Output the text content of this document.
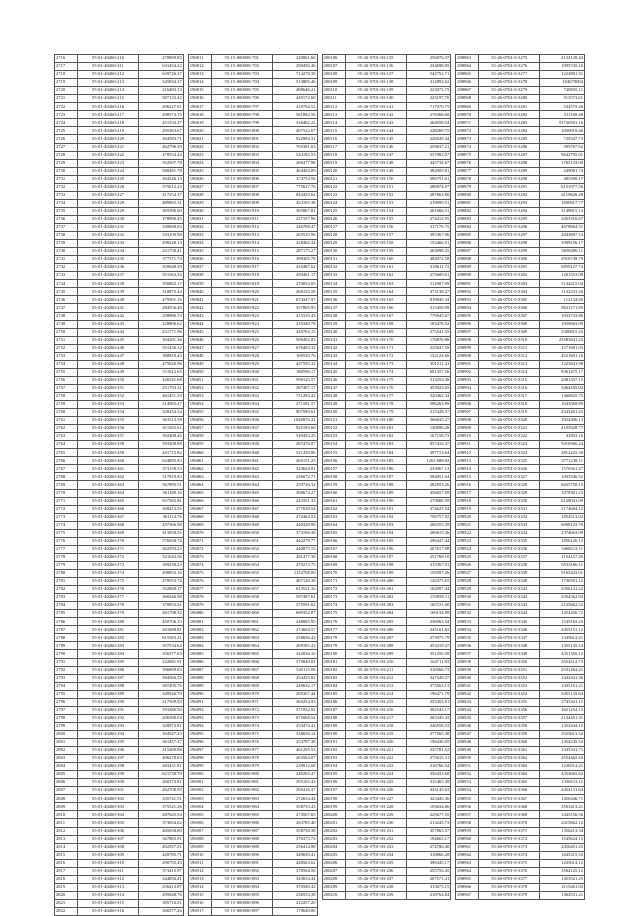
2716	55-01-40260-216	270809.85
2717	55-01-40260-211	631454.22
2718	55-01-40260-212	639726.27
2719	55-01-40260-213	345834.27
2720	55-01-40260-214	216483.13
2721	55-01-40260-215	507133.42
2722	55-01-40260-216	206227.61
2723	55-01-40260-217	298574.15
2724	55-01-40260-218	451533.27
2725	55-01-40260-219	295363.67
2726	55-01-40260-220	304583.71
2727	55-01-40260-221	462796.39
2728	55-01-40260-222	478554.44
2729	55-01-40260-223	352507.78
2730	55-01-40260-224	580481.78
2731	55-01-40260-225	304546.13
2732	55-01-40260-226	375612.23
2733	55-01-40260-227	417254.37
2734	55-01-40260-228	489865.31
2735	55-01-40260-229	365396.60
2736	55-01-40260-230	278896.45
2737	55-01-40260-231	349668.83
2738	55-01-40260-232	333109.98
2739	55-01-40260-233	298228.13
2740	55-01-40260-234	221758.41
2741	55-01-40260-235	377571.74
2742	55-01-40260-236	350648.39
2743	55-01-40260-237	351563.34
2744	55-01-40260-238	356802.17
2745	55-01-40260-239	318875.44
2746	55-01-40260-240	479501.16
2747	55-01-40260-241	284556.49
2748	55-01-40260-242	259886.53
2749	55-01-40260-243	228806.62
2750	55-01-40260-244	231771.96
2751	55-01-40260-245	304281.36
2752	55-01-40260-246	551436.32
2753	55-01-40260-247	380810.43
2754	55-01-40260-248	475626.96
2755	55-01-40260-249	511612.65
2756	55-01-40260-250	426541.68
2757	55-01-40260-251	251793.31
2758	55-01-40260-252	461451.33
2759	55-01-40260-253	314965.47
2760	55-01-40260-254	328454.54
2761	55-01-40260-255	363513.58
2762	55-01-40260-256	411565.61
2763	55-01-40260-257	392408.45
2764	55-01-40260-258	393308.88
2765	55-01-40260-259	441715.82
2766	55-01-40260-260	624895.83
2767	55-01-40260-261	373158.53
2768	55-01-40260-262	317819.83
2769	55-01-40260-263	367895.51
2770	55-01-40260-264	361180.16
2771	55-01-40260-265	657565.81
2772	55-01-40260-266	308413.55
2773	55-01-40260-267	361114.76
2774	55-01-40260-268	457566.98
2775	55-01-40260-269	413958.55
2776	55-01-40260-270	576658.72
2777	55-01-40260-271	302593.25
2778	55-01-40260-272	521643.56
2779	55-01-40260-273	389238.23
2780	55-01-40260-274	298852.16
2781	55-01-40260-275	478553.72
2782	55-01-40260-276	352868.17
2783	55-01-40260-277	360246.98
2784	55-01-40260-278	370853.21
2785	55-01-40260-279	261798.32
2786	55-01-40260-280	450706.33
2787	55-01-40260-281	261688.81
2788	55-01-40260-282	615583.21
2789	55-01-40260-283	357534.64
2790	55-01-40260-284	356377.63
2791	55-01-40260-285	222081.91
2792	55-01-40260-286	396809.83
2793	55-01-40260-287	584566.55
2794	55-01-40260-288	587495.76
2795	55-01-40260-289	349926.79
2796	55-01-40260-290	217509.93
2797	55-01-40260-291	393286.50
2798	55-01-40260-292	206588.04
2799	55-01-40260-293	328973.81
2800	55-01-40260-294	304547.23
2801	55-01-40260-295	361457.47
2802	55-01-40260-296	315269.96
2803	55-01-40260-297	406278.63
2804	55-01-40260-298	283431.81
2805	55-01-40260-299	621738.78
2806	55-01-40260-300	260373.81
2807	55-01-40260-301	262708.95
2808	55-01-40260-302	335741.51
2809	55-01-40260-303	375521.26
2810	55-01-40260-304	287645.94
2811	55-01-40260-305	373654.62
2812	55-01-40260-306	465658.80
2813	55-01-40260-307	367865.91
2814	55-01-40260-308	402357.21
2815	55-01-40260-309	420785.71
2816	55-01-40260-310	290755.43
2817	55-01-40260-311	373415.97
2818	55-01-40260-312	344856.41
2819	55-01-40260-313	256413.87
2820	55-01-40260-314	295848.76
2821	55-01-40260-315	385716.21
2822	55-01-40260-316	366577.26
196811	55-15-000000-791	220861.66
196812	55-15-000000-792	290456.46
196813	55-15-000000-793	714278.39
196814	55-15-000000-794	513805.46
196815	55-15-000000-795	488646.21
196816	55-15-000000-796	449172.60
196817	55-15-000000-797	418704.52
196818	55-15-000000-798	561882.56
196819	55-15-000000-799	336462.22
196820	55-15-000000-800	497522.67
196821	55-15-000000-801	922984.31
196822	55-15-000000-802	765381.63
196823	55-15-000000-803	544182.53
196824	55-15-000000-804	266377.98
196825	55-15-000000-805	464404.09
196826	55-15-000000-806	374753.56
196827	55-15-000000-807	775637.76
196828	55-15-000000-808	843455.64
196829	55-15-000000-809	453105.38
196830	55-15-000000-810	365867.81
196831	55-15-000000-811	237157.96
196832	55-15-000000-812	246708.47
196833	55-15-000000-813	265525.96
196834	55-15-000000-814	228362.34
196835	55-15-000000-815	287175.27
196836	55-15-000000-816	399305.78
196837	55-15-000000-817	416487.62
196838	55-15-000000-818	459461.17
196839	55-15-000000-819	270054.05
196840	55-15-000000-820	266155.58
196841	55-15-000000-821	674347.97
196842	55-15-000000-822	357805.95
196843	55-15-000000-823	415310.43
196844	55-15-000000-824	235340.79
196845	55-15-000000-825	426704.15
196846	55-15-000000-826	506402.83
196847	55-15-000000-827	676403.32
196848	55-15-000000-828	169530.76
196849	55-15-000000-829	437595.32
196850	55-15-000000-830	180596.17
196851	55-15-000000-831	590125.57
196852	55-15-000000-832	387407.17
196853	55-15-000000-833	751283.42
196854	55-15-000000-834	271581.57
196855	55-15-000000-835	907580.61
196856	55-15-000000-836	1040876.31
196857	55-15-000000-837	925193.60
196858	55-15-000000-838	549453.25
196859	55-15-000000-839	287476.07
196860	55-15-000000-840	521450.86
196861	55-15-000000-841	465151.25
196862	55-15-000000-842	324624.81
196863	55-15-000000-843	236672.71
196864	55-15-000000-844	259726.32
196865	55-15-000000-845	368674.27
196866	55-15-000000-846	243351.33
196867	55-15-000000-847	277638.54
196868	55-15-000000-848	272464.53
196869	55-15-000000-849	440328.98
196870	55-15-000000-850	374196.38
196871	55-15-000000-851	442278.77
196872	55-15-000000-852	440875.15
196873	55-15-000000-853	281477.38
196874	55-15-000000-854	470213.75
196875	55-15-000000-855	1152708.00
196876	55-15-000000-856	467126.38
196877	55-15-000000-857	613521.16
196878	55-15-000000-858	597487.61
196879	55-15-000000-859	275591.62
196880	55-15-000000-860	689352.87
196881	55-15-000000-861	248085.95
196882	55-15-000000-862	274604.57
196883	55-15-000000-863	258656.43
196884	55-15-000000-864	269185.23
196885	55-15-000000-865	342036.16
196886	55-15-000000-866	379840.81
196887	55-15-000000-867	545115.06
196888	55-15-000000-868	254455.82
196889	55-15-000000-869	249632.17
196890	55-15-000000-870	285367.44
196891	55-15-000000-871	360254.93
196892	55-15-000000-872	371852.92
196893	55-15-000000-873	675068.52
196894	55-15-000000-874	253474.41
196895	55-15-000000-875	338656.14
196896	55-15-000000-876	253787.38
196897	55-15-000000-877	461295.53
196898	55-15-000000-878	263564.07
196899	55-15-000000-879	239812.68
196900	55-15-000000-880	249265.47
196901	55-15-000000-881	395165.43
196902	55-15-000000-882	395416.37
196903	55-15-000000-883	272654.44
196904	55-15-000000-884	358753.43
196905	55-15-000000-885	273567.65
196906	55-15-000000-886	263785.40
196907	55-15-000000-887	358758.38
196908	55-15-000000-888	376375.73
196909	55-15-000000-889	256414.98
196910	55-15-000000-890	349650.41
196911	55-15-000000-891	448563.62
196912	55-15-000000-892	378564.56
196913	55-15-000000-893	343654.44
196914	55-15-000000-894	370580.42
196915	55-15-000000-895	236553.38
196916	55-15-000000-896	212257.20
196917	55-15-000000-897	178640.86
200106	55-26-5701-03-135	256976.37
200107	55-26-5701-03-136	234698.85
200108	55-26-5701-03-137	542752.71
200109	55-26-5701-03-138	312892.62
200110	55-26-5701-03-139	223075.75
200111	55-26-5701-03-140	223197.76
200112	55-26-5701-03-141	717070.75
200113	55-26-5701-03-142	276368.68
200114	55-26-5701-03-143	264058.54
200115	55-26-5701-03-144	228269.75
200116	55-26-5701-03-145	228549.44
200117	55-26-5701-03-146	259637.21
200118	55-26-5701-03-147	557082.07
200119	55-26-5701-03-148	445734.67
200120	55-26-5701-03-149	382905.81
200121	55-26-5701-03-150	586751.01
200122	55-26-5701-03-151	286974.07
200123	55-26-5701-03-152	287663.80
200124	55-26-5701-03-153	219099.51
200125	55-26-5701-03-154	261666.31
200126	55-26-5701-03-155	274412.95
200127	55-26-5701-03-156	317176.75
200128	55-26-5701-03-157	395367.96
200129	55-26-5701-03-158	153466.51
200130	55-26-5701-03-159	263098.25
200131	55-26-5701-03-160	484072.58
200132	55-26-5701-03-161	318611.72
200133	55-26-5701-03-162	275600.61
200134	55-26-5701-03-163	112907.09
200135	55-26-5701-03-164	475138.27
200136	55-26-5701-03-165	818840.34
200137	55-26-5701-03-166	313450.99
200138	55-26-5701-03-167	779945.67
200139	55-26-5701-03-168	105478.52
200140	55-26-5701-03-169	275541.55
200141	55-26-5701-03-170	176876.88
200142	55-26-5701-03-171	225647.59
200143	55-26-5701-03-172	132124.66
200144	55-26-5701-03-173	301211.41
200145	55-26-5701-03-174	681357.56
200146	55-26-5701-03-175	313253.38
200147	55-26-5701-03-176	455925.65
200148	55-26-5701-03-177	320462.34
200149	55-26-5701-03-178	596263.89
200150	55-26-5701-03-179	215328.57
200151	55-26-5701-03-180	366635.27
200152	55-26-5701-03-181	130096.28
200153	55-26-5701-03-182	167158.73
200154	55-26-5701-03-183	857416.47
200155	55-26-5701-03-184	397713.64
200156	55-26-5701-03-185	1261.688.02
200157	55-26-5701-03-186	233067.13
200158	55-26-5701-03-187	584051.64
200159	55-26-5701-03-188	282853.26
200160	55-26-5701-03-189	456657.09
200161	55-26-5701-03-190	279668.59
200162	55-26-5701-03-191	374625.54
200163	55-26-5701-03-192	756757.92
200164	55-26-5701-03-193	266355.39
200165	55-26-5701-03-194	280615.36
200166	55-26-5701-03-195	296447.44
200167	55-26-5701-03-196	267617.08
200168	55-26-5701-03-197	251768.10
200169	55-26-5701-03-198	315367.01
200170	55-26-5701-03-199	159397.26
200171	55-26-5701-03-200	120375.65
200172	55-26-5701-03-201	162997.44
200173	55-26-5701-03-202	153958.11
200174	55-26-5701-03-203	165721.60
200175	55-26-5701-03-204	169134.89
200176	55-26-5701-03-205	236963.54
200177	55-26-5701-03-206	245161.63
200178	55-26-5701-03-207	273975.79
200179	55-26-5701-03-208	453219.27
200180	55-26-5701-03-209	351256.58
200181	55-26-5701-03-210	164711.93
200182	55-26-5701-03-211	316566.73
200183	55-26-5701-03-212	347549.27
200184	55-26-5701-03-213	375563.13
200185	55-26-5701-03-214	196471.79
200186	55-26-5701-03-215	255453.81
200187	55-26-5701-03-216	302543.17
200188	55-26-5701-03-217	265345.43
200189	55-26-5701-03-218	246558.53
200190	55-26-5701-03-219	277565.38
200191	55-26-5701-03-220	196436.05
200192	55-26-5701-03-221	235781.52
200193	55-26-5701-03-222	275615.31
200194	55-26-5701-03-223	216766.54
200195	55-26-5701-03-224	356433.68
200196	55-26-5701-03-225	315465.39
200197	55-26-5701-03-226	425145.63
200198	55-26-5701-03-227	323445.36
200199	55-26-5701-03-228	193634.86
200200	55-26-5701-03-229	225677.55
200201	55-26-5701-03-230	213245.73
200202	55-26-5701-03-231	357865.57
200203	55-26-5701-03-232	194663.17
200204	55-26-5701-03-233	274786.40
200205	55-26-5701-03-234	318866.28
200206	55-26-5701-03-235	396345.17
200207	55-26-5701-03-236	255756.45
200208	55-26-5701-03-237	267571.41
200209	55-26-5701-03-238	315673.15
200210	55-26-5701-03-239	218764.84
298863	55-26-0701-0-3275	4124128.44
298864	55-26-0701-0-3276	1095745.16
298865	55-26-0701-0-3277	1222801.91
298866	55-26-0701-0-3278	104679004
298867	55-26-0701-0-3279	728835.11
298868	55-26-0701-0-3280	513573.61
298869	55-26-0701-0-3281	534575.26
298870	55-26-0701-0-3282	511169.48
298871	55-26-0701-0-3283	53736501.16
298872	55-26-0701-0-3284	1050910.40
298873	55-26-0701-0-3285	729347.73
298874	55-26-0701-0-3286	395767.62
298875	55-26-0701-0-3287	9642795.01
298876	55-26-0701-0-3288	1765133.00
298877	55-26-0701-0-3289	249081.74
298878	55-26-0701-0-3290	485390.17
298879	55-26-0701-0-3291	6151977.56
298880	55-26-0701-0-3292	6119626.28
298881	55-26-0701-0-3293	1690817.77
298882	55-26-0701-0-3294	3148815.13
298883	55-26-0701-0-3295	3455316.67
298884	55-26-0701-0-3296	4678864.51
298885	55-26-0701-0-3297	2043897.14
298886	55-26-0701-0-3298	1909156.17
298887	55-26-0701-0-3299	5658496.11
298888	55-26-0701-0-3300	2916749.79
298889	55-26-0701-0-3301	6859127.74
298890	55-26-0701-0-3302	1201553.08
298891	55-26-0701-0-3303	5144215.04
298892	55-26-0701-0-3304	1132231.26
298893	55-26-0701-0-3305	112134.60
298894	55-26-0701-0-3306	8521171.89
298895	55-26-0701-0-3307	1033733.86
298896	55-26-0701-0-3308	1050663.09
298897	55-26-0701-0-3309	3300815.43
298898	55-26-0701-0-3310	23585641.22
298899	55-26-0701-0-3311	1571681.03
298900	55-26-0701-0-3312	4521601.16
298901	55-26-0701-0-3313	1225641.98
298902	55-26-0701-0-3314	8361475.17
298903	55-26-0701-0-3315	2081357.15
298904	55-26-0701-0-3316	3464185.02
298905	55-26-0701-0-3317	1360825.75
298906	55-26-0701-0-3318	1043568.89
298907	55-26-0701-0-3319	2543261.43
298908	55-26-0701-0-3320	1924306.13
298909	55-26-0701-0-3321	4105928.77
298910	55-26-0701-0-3322	41853.16
298911	55-26-0701-0-3323	9410566.24
298912	55-26-0701-0-3324	2812225.38
298913	55-26-0701-0-3325	3771238.11
298914	55-26-0701-0-3326	1576561.27
298915	55-26-0701-0-3327	1003546.52
298916	55-26-0701-0-3328	6655758.13
298917	55-26-0701-0-3329	1078301.23
298918	55-26-0701-0-3330	6128041.09
298919	55-26-0701-0-3331	2174684.13
298920	55-26-0701-0-3332	1854513.02
298921	55-26-0701-0-3333	6008123.76
298922	55-26-0701-0-3334	2374663.09
298923	55-26-0701-0-3335	1856126.13
298924	55-26-0701-0-3336	5468213.11
298925	55-26-0701-0-3337	1154157.26
298926	55-26-0701-0-3338	6553166.11
298927	55-26-0701-0-3339	5165423.01
298928	55-26-0701-0-3340	1736501.12
298929	55-26-0701-0-3341	3356141.22
298930	55-26-0701-0-3342	3354562.84
298931	55-26-0701-0-3343	2135662.52
298932	55-26-0701-0-3344	1454456.72
298933	55-26-0701-0-3345	1545163.25
298934	55-26-0701-0-3346	2455151.12
298935	55-26-0701-0-3347	1345612.41
298936	55-26-0701-0-3348	1355145.14
298937	55-26-0701-0-3349	4351356.12
298938	55-26-0701-0-3350	3554512.73
298939	55-26-0701-0-3351	2531264.21
298940	55-26-0701-0-3352	1442441.36
298941	55-26-0701-0-3353	1435161.21
298942	55-26-0701-0-3354	3455135.64
298943	55-26-0701-0-3355	2745341.11
298944	55-26-0701-0-3356	1621254.13
298945	55-26-0701-0-3357	2134451.31
298946	55-26-0701-0-3358	1352444.15
298947	55-26-0701-0-3359	3525613.32
298948	55-26-0701-0-3360	1454245.52
298949	55-26-0701-0-3361	1345341.71
298950	55-26-0701-0-3362	2554465.43
298951	55-26-0701-0-3363	1236514.21
298952	55-26-0701-0-3364	4354665.62
298953	55-26-0701-0-3365	1356513.11
298954	55-26-0701-0-3366	2454131.64
298955	55-26-0701-0-3367	1456346.71
298956	55-26-0701-0-3368	3563413.21
298957	55-26-0701-0-3369	1445156.56
298958	55-26-0701-0-3370	2415662.12
298959	55-26-0701-0-3371	1356213.34
298960	55-26-0701-0-3372	1545624.13
298961	55-26-0701-0-3373	2456451.23
298962	55-26-0701-0-3374	1645315.54
298963	55-26-0701-0-3375	1235614.12
298964	55-26-0701-0-3376	3564125.12
298965	55-26-0701-0-3377	1453521.25
298966	55-26-0701-0-3378	2115461.03
298967	55-26-0701-0-3379	1364531.21
